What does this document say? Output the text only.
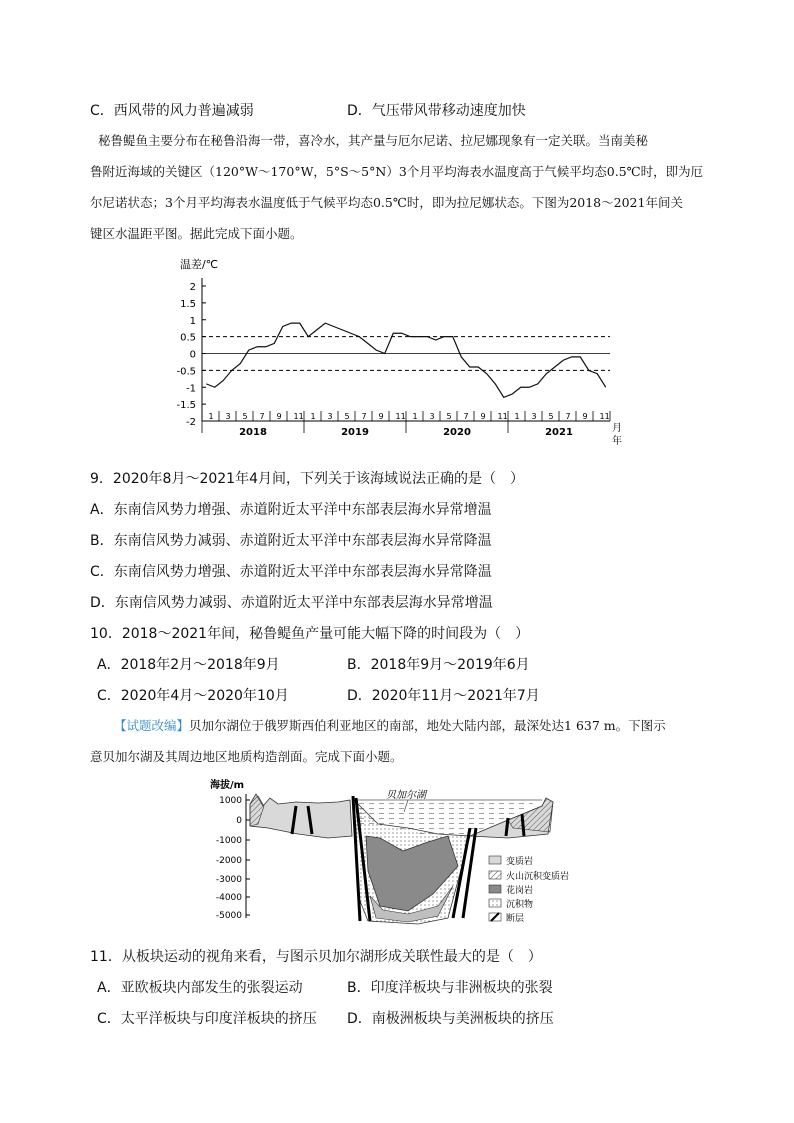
C．西风带的风力普遍减弱	D．气压带风带移动速度加快
秘鲁鳀鱼主要分布在秘鲁沿海一带，喜冷水，其产量与厄尔尼诺、拉尼娜现象有一定关联。当南美秘
鲁附近海域的关键区（120°W～170°W，5°S～5°N）3个月平均海表水温度高于气候平均态0.5℃时，即为厄
尔尼诺状态；3个月平均海表水温度低于气候平均态0.5℃时，即为拉尼娜状态。下图为2018～2021年间关
键区水温距平图。据此完成下面小题。
温差/℃
2
1.5
1
0.5
0
-0.5
-1
-1.5
-2
1 3 5 7 9 11 1 3 5 7 9 11 1 3 5 7 9 11 1 3 5 7 9 11
2018	2019	2020	2021	月
年
9．2020年8月～2021年4月间，下列关于该海域说法正确的是（　）
A．东南信风势力增强、赤道附近太平洋中东部表层海水异常增温
B．东南信风势力减弱、赤道附近太平洋中东部表层海水异常降温
C．东南信风势力增强、赤道附近太平洋中东部表层海水异常降温
D．东南信风势力减弱、赤道附近太平洋中东部表层海水异常增温
10．2018～2021年间，秘鲁鳀鱼产量可能大幅下降的时间段为（　）
A．2018年2月～2018年9月	B．2018年9月～2019年6月
C．2020年4月～2020年10月	D．2020年11月～2021年7月
【试题改编】贝加尔湖位于俄罗斯西伯利亚地区的南部，地处大陆内部，最深处达1 637 m。下图示
意贝加尔湖及其周边地区地质构造剖面。完成下面小题。
海拔/m
1000
0
-1000
-2000
-3000
-4000
-5000
贝加尔湖
变质岩
火山沉积变质岩
花岗岩
沉积物
断层
11．从板块运动的视角来看，与图示贝加尔湖形成关联性最大的是（　）
A．亚欧板块内部发生的张裂运动	B．印度洋板块与非洲板块的张裂
C．太平洋板块与印度洋板块的挤压 D．南极洲板块与美洲板块的挤压
